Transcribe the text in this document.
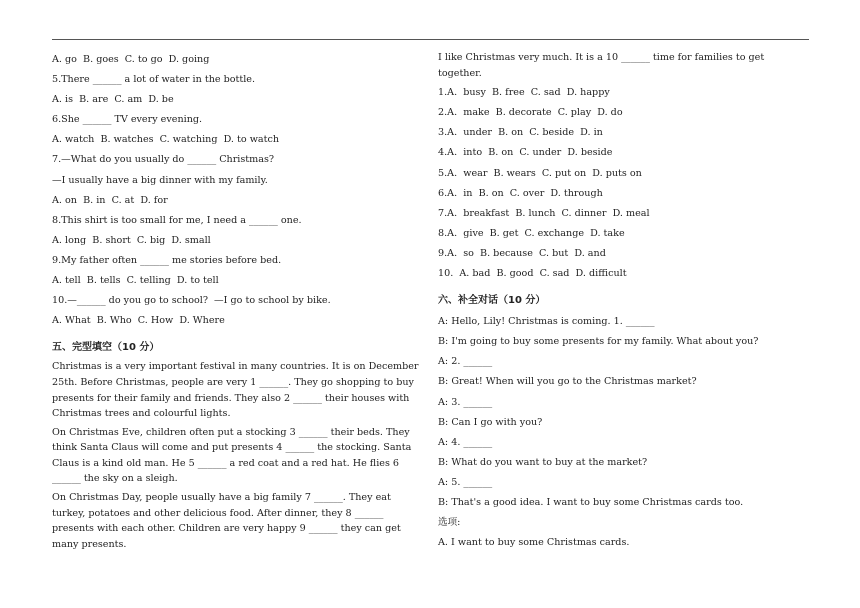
A. go  B. goes  C. to go  D. going
5.There ______ a lot of water in the bottle.
A. is  B. are  C. am  D. be
6.She ______ TV every evening.
A. watch  B. watches  C. watching  D. to watch
7.—What do you usually do ______ Christmas?
—I usually have a big dinner with my family.
A. on  B. in  C. at  D. for
8.This shirt is too small for me, I need a ______ one.
A. long  B. short  C. big  D. small
9.My father often ______ me stories before bed.
A. tell  B. tells  C. telling  D. to tell
10.—______ do you go to school?  —I go to school by bike.
A. What  B. Who  C. How  D. Where
五、完型填空（10 分）
Christmas is a very important festival in many countries. It is on December 25th. Before Christmas, people are very 1 ______. They go shopping to buy presents for their family and friends. They also 2 ______ their houses with Christmas trees and colourful lights.
On Christmas Eve, children often put a stocking 3 ______ their beds. They think Santa Claus will come and put presents 4 ______ the stocking. Santa Claus is a kind old man. He 5 ______ a red coat and a red hat. He flies 6 ______ the sky on a sleigh.
On Christmas Day, people usually have a big family 7 ______. They eat turkey, potatoes and other delicious food. After dinner, they 8 ______ presents with each other. Children are very happy 9 ______ they can get many presents.
I like Christmas very much. It is a 10 ______ time for families to get together.
1.A.  busy  B. free  C. sad  D. happy
2.A.  make  B. decorate  C. play  D. do
3.A.  under  B. on  C. beside  D. in
4.A.  into  B. on  C. under  D. beside
5.A.  wear  B. wears  C. put on  D. puts on
6.A.  in  B. on  C. over  D. through
7.A.  breakfast  B. lunch  C. dinner  D. meal
8.A.  give  B. get  C. exchange  D. take
9.A.  so  B. because  C. but  D. and
10.  A. bad  B. good  C. sad  D. difficult
六、补全对话（10 分）
A: Hello, Lily! Christmas is coming. 1. ______
B: I'm going to buy some presents for my family. What about you?
A: 2. ______
B: Great! When will you go to the Christmas market?
A: 3. ______
B: Can I go with you?
A: 4. ______
B: What do you want to buy at the market?
A: 5. ______
B: That's a good idea. I want to buy some Christmas cards too.
选项:
A. I want to buy some Christmas cards.
